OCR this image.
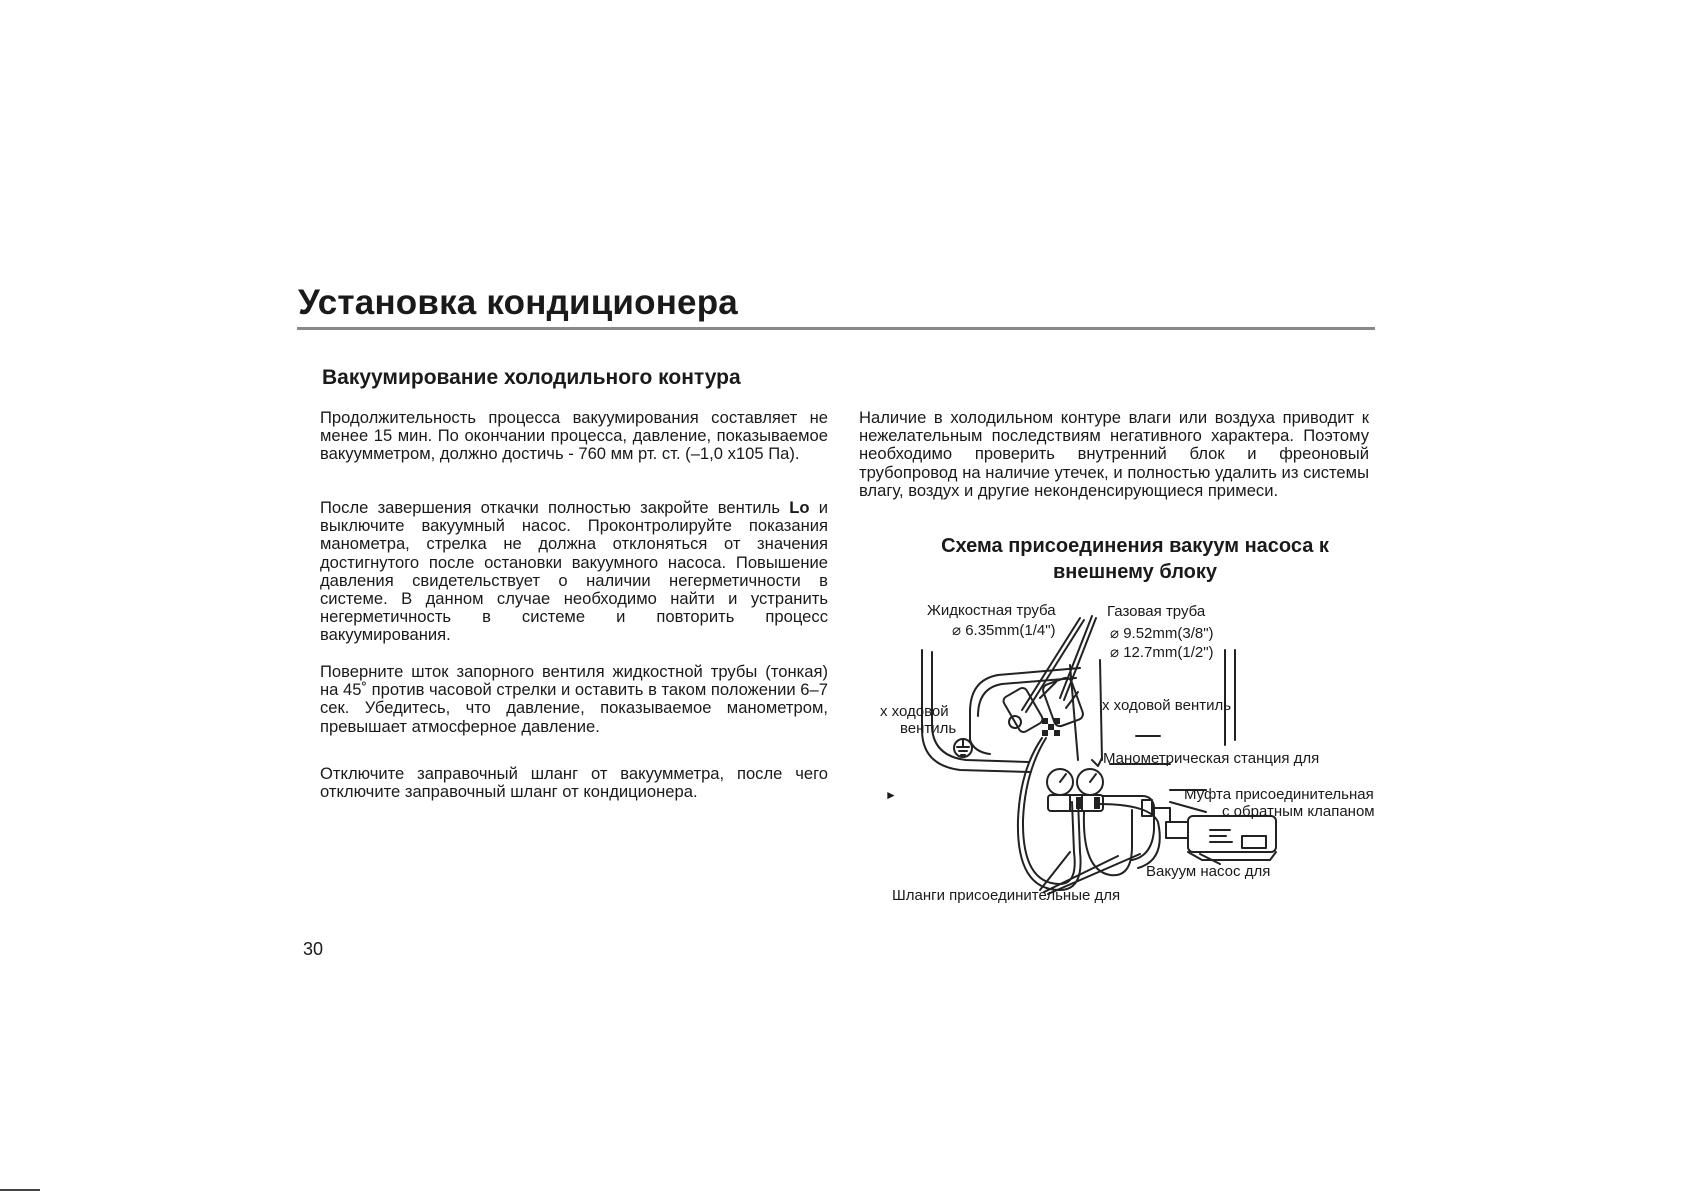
Установка кондиционера
Вакуумирование холодильного контура

Продолжительность процесса вакуумирования составляет не менее 15 мин. По окончании процесса, давление, показываемое вакуумметром, должно достичь - 760 мм рт. ст. (–1,0 x105 Па).

После завершения откачки полностью закройте вентиль Lo и выключите вакуумный насос. Проконтролируйте показания манометра, стрелка не должна отклоняться от значения достигнутого после остановки вакуумного насоса. Повышение давления свидетельствует о наличии негерметичности в системе. В данном случае необходимо найти и устранить негерметичность в системе и повторить процесс вакуумирования.

Поверните шток запорного вентиля жидкостной трубы (тонкая) на 45˚ против часовой стрелки и оставить в таком положении 6–7 сек. Убедитесь, что давление, показываемое манометром, превышает атмосферное давление.

Отключите заправочный шланг от вакуумметра, после чего отключите заправочный шланг от кондиционера.

Наличие в холодильном контуре влаги или воздуха приводит к нежелательным последствиям негативного характера. Поэтому необходимо проверить внутренний блок и фреоновый трубопровод на наличие утечек, и полностью удалить из системы влагу, воздух и другие неконденсирующиеся примеси.

Схема присоединения вакуум насоса к
внешнему блоку
Жидкостная труба
⌀ 6.35mm(1/4")
Газовая труба
⌀ 9.52mm(3/8")
⌀ 12.7mm(1/2")
х ходовой
вентиль
х ходовой вентиль
Манометрическая станция для
Муфта присоединительная
с обратным клапаном
Вакуум насос для
Шланги присоединительные для
►
30
